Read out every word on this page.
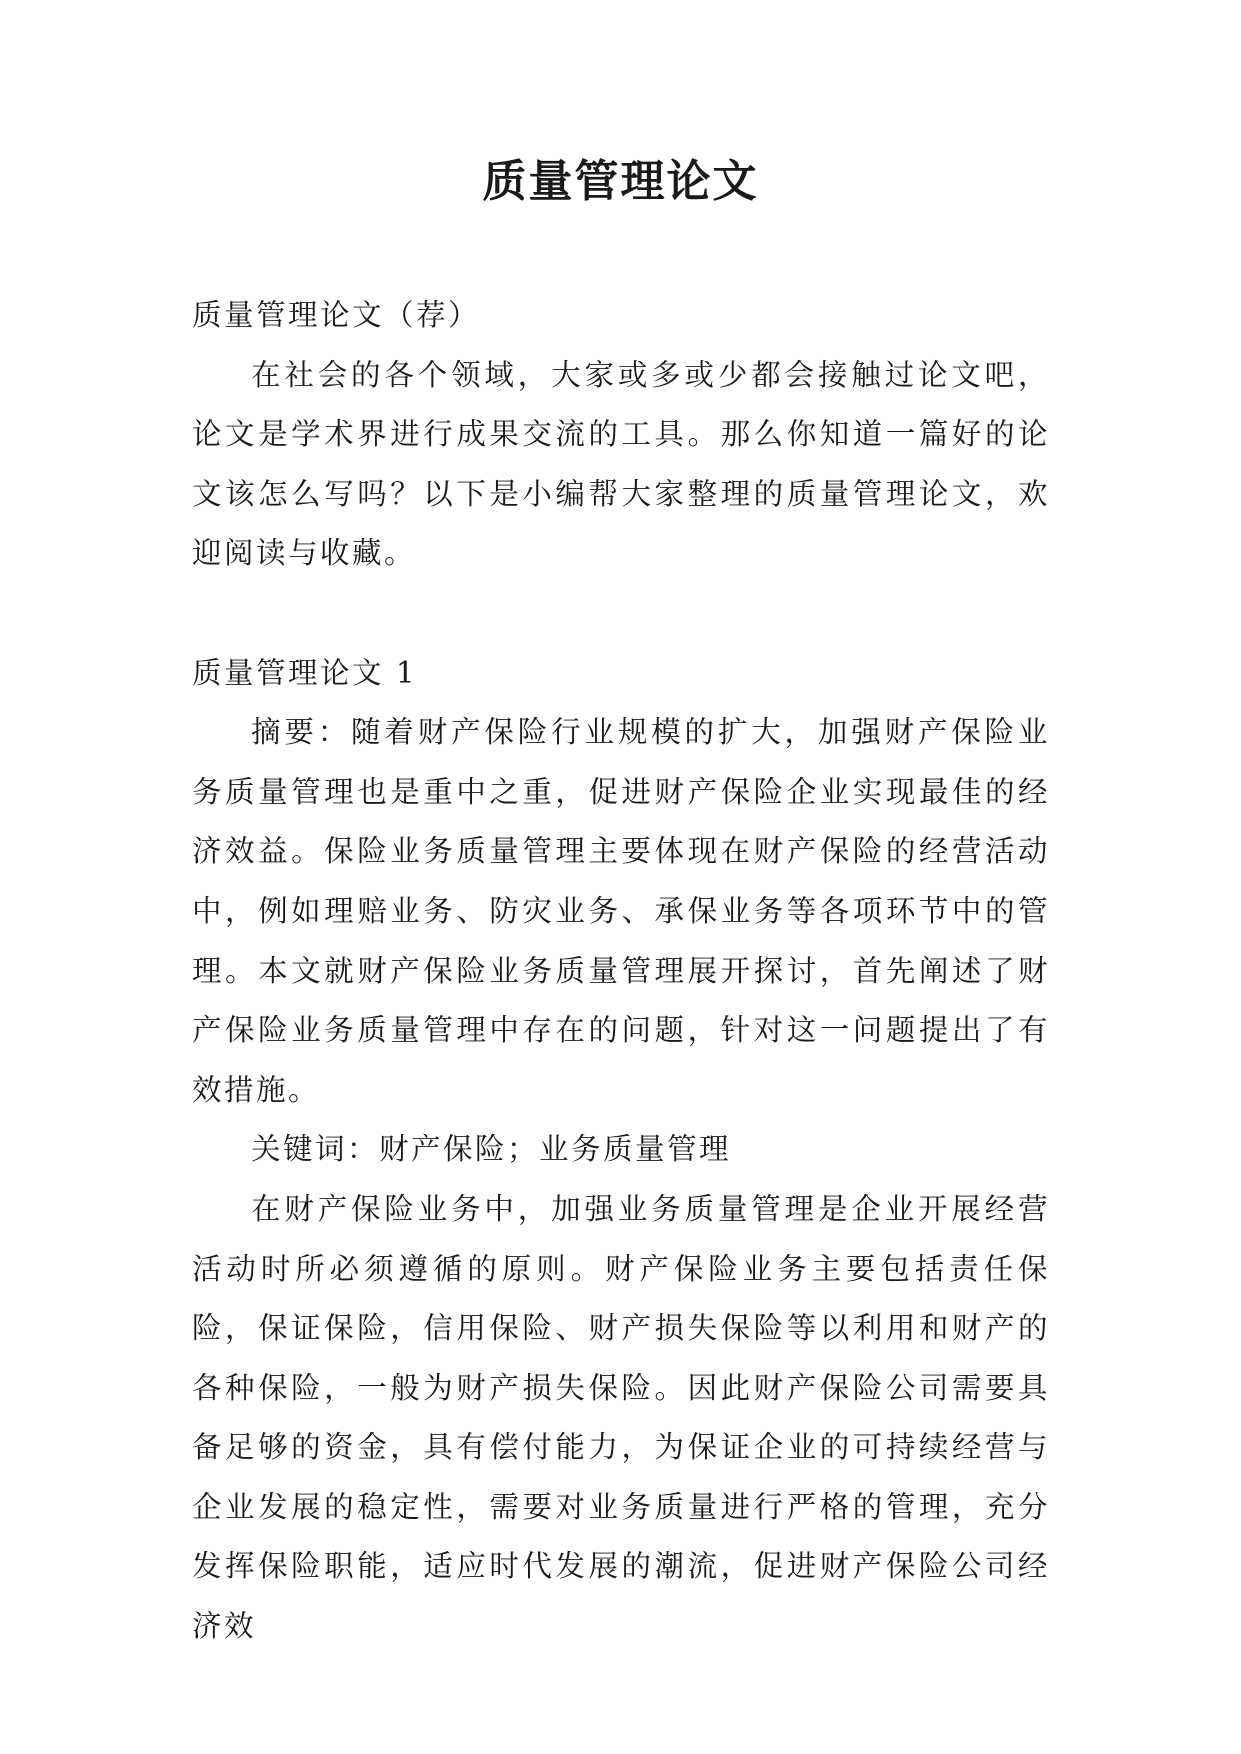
质量管理论文

质量管理论文（荐）

在社会的各个领域，大家或多或少都会接触过论文吧，论文是学术界进行成果交流的工具。那么你知道一篇好的论文该怎么写吗？以下是小编帮大家整理的质量管理论文，欢迎阅读与收藏。

质量管理论文 1

摘要：随着财产保险行业规模的扩大，加强财产保险业务质量管理也是重中之重，促进财产保险企业实现最佳的经济效益。保险业务质量管理主要体现在财产保险的经营活动中，例如理赔业务、防灾业务、承保业务等各项环节中的管理。本文就财产保险业务质量管理展开探讨，首先阐述了财产保险业务质量管理中存在的问题，针对这一问题提出了有效措施。

关键词：财产保险；业务质量管理

在财产保险业务中，加强业务质量管理是企业开展经营活动时所必须遵循的原则。财产保险业务主要包括责任保险，保证保险，信用保险、财产损失保险等以利用和财产的各种保险，一般为财产损失保险。因此财产保险公司需要具备足够的资金，具有偿付能力，为保证企业的可持续经营与企业发展的稳定性，需要对业务质量进行严格的管理，充分发挥保险职能，适应时代发展的潮流，促进财产保险公司经济效
